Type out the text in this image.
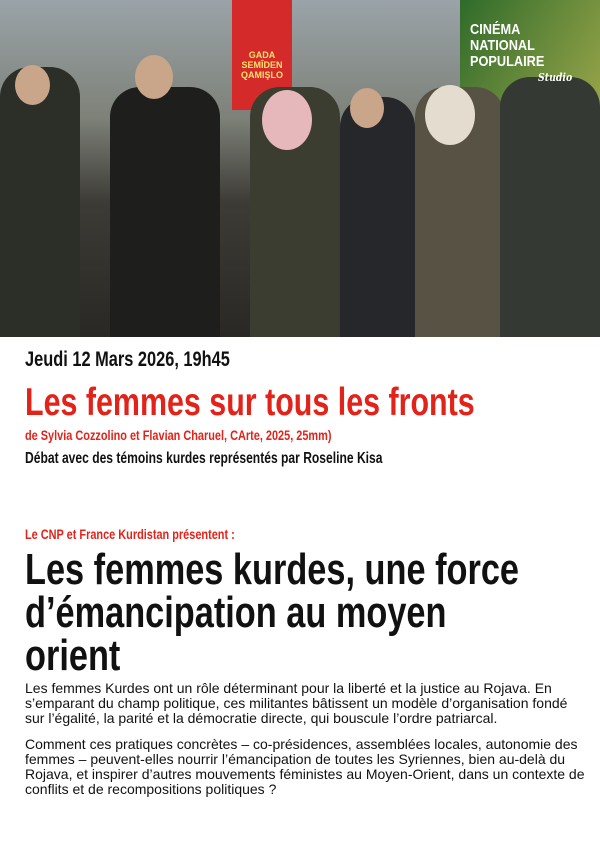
GADA SEMÎDEN QAMIŞLO
CINÉMA
NATIONAL
POPULAIRE
Studio
Jeudi 12 Mars 2026, 19h45
Les femmes sur tous les fronts
de Sylvia Cozzolino et Flavian Charuel, CArte, 2025, 25mm)
Débat avec des témoins kurdes représentés par Roseline Kisa
Le CNP et France Kurdistan présentent :
Les femmes kurdes, une force
d’émancipation au moyen
orient

Les femmes Kurdes ont un rôle déterminant pour la liberté et la justice au Rojava. En s’emparant du champ politique, ces militantes bâtissent un modèle d’organisation fondé sur l’égalité, la parité et la démocratie directe, qui bouscule l’ordre patriarcal.

Comment ces pratiques concrètes – co-présidences, assemblées locales, autonomie des femmes – peuvent-elles nourrir l’émancipation de toutes les Syriennes, bien au-delà du Rojava, et inspirer d’autres mouvements féministes au Moyen-Orient, dans un contexte de conflits et de recompositions politiques ?
